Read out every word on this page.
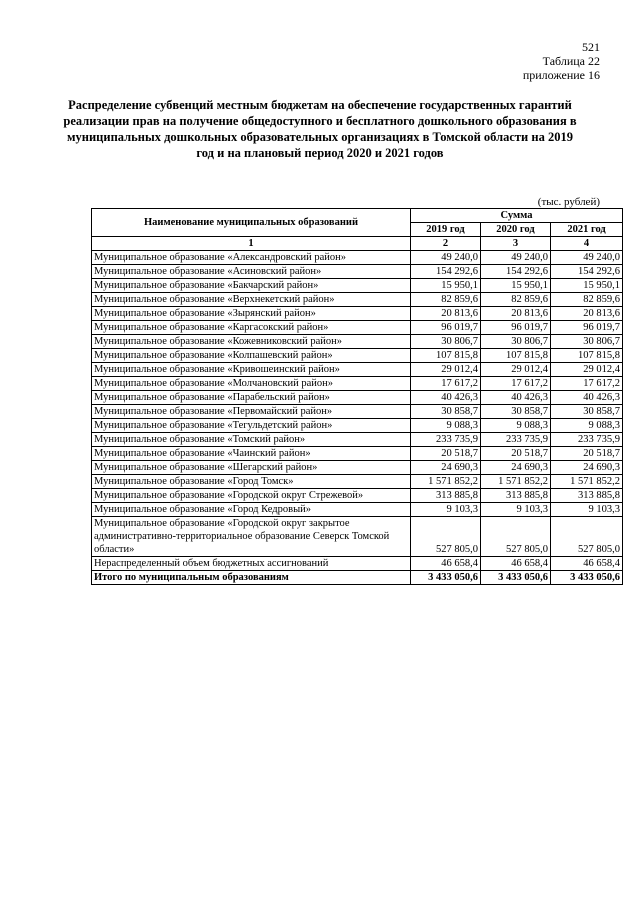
521
Таблица 22
приложение 16
Распределение субвенций местным бюджетам на обеспечение государственных гарантий реализации прав на получение общедоступного и бесплатного дошкольного образования в муниципальных дошкольных образовательных организациях в Томской области на 2019 год и на плановый период 2020 и 2021 годов
(тыс. рублей)
Наименование муниципальных образований	Сумма		
	2019 год	2020 год	2021 год
1	2	3	4
Муниципальное образование «Александровский район»	49 240,0	49 240,0	49 240,0
Муниципальное образование «Асиновский район»	154 292,6	154 292,6	154 292,6
Муниципальное образование «Бакчарский район»	15 950,1	15 950,1	15 950,1
Муниципальное образование «Верхнекетский район»	82 859,6	82 859,6	82 859,6
Муниципальное образование «Зырянский район»	20 813,6	20 813,6	20 813,6
Муниципальное образование «Каргасокский район»	96 019,7	96 019,7	96 019,7
Муниципальное образование «Кожевниковский район»	30 806,7	30 806,7	30 806,7
Муниципальное образование «Колпашевский район»	107 815,8	107 815,8	107 815,8
Муниципальное образование «Кривошеинский район»	29 012,4	29 012,4	29 012,4
Муниципальное образование «Молчановский район»	17 617,2	17 617,2	17 617,2
Муниципальное образование «Парабельский район»	40 426,3	40 426,3	40 426,3
Муниципальное образование «Первомайский район»	30 858,7	30 858,7	30 858,7
Муниципальное образование «Тегульдетский район»	9 088,3	9 088,3	9 088,3
Муниципальное образование «Томский район»	233 735,9	233 735,9	233 735,9
Муниципальное образование «Чаинский район»	20 518,7	20 518,7	20 518,7
Муниципальное образование «Шегарский район»	24 690,3	24 690,3	24 690,3
Муниципальное образование «Город Томск»	1 571 852,2	1 571 852,2	1 571 852,2
Муниципальное образование «Городской округ Стрежевой»	313 885,8	313 885,8	313 885,8
Муниципальное образование «Город Кедровый»	9 103,3	9 103,3	9 103,3
Муниципальное образование «Городской округ закрытое административно-территориальное образование Северск Томской области»	527 805,0	527 805,0	527 805,0
Нераспределенный объем бюджетных ассигнований	46 658,4	46 658,4	46 658,4
Итого по муниципальным образованиям	3 433 050,6	3 433 050,6	3 433 050,6
